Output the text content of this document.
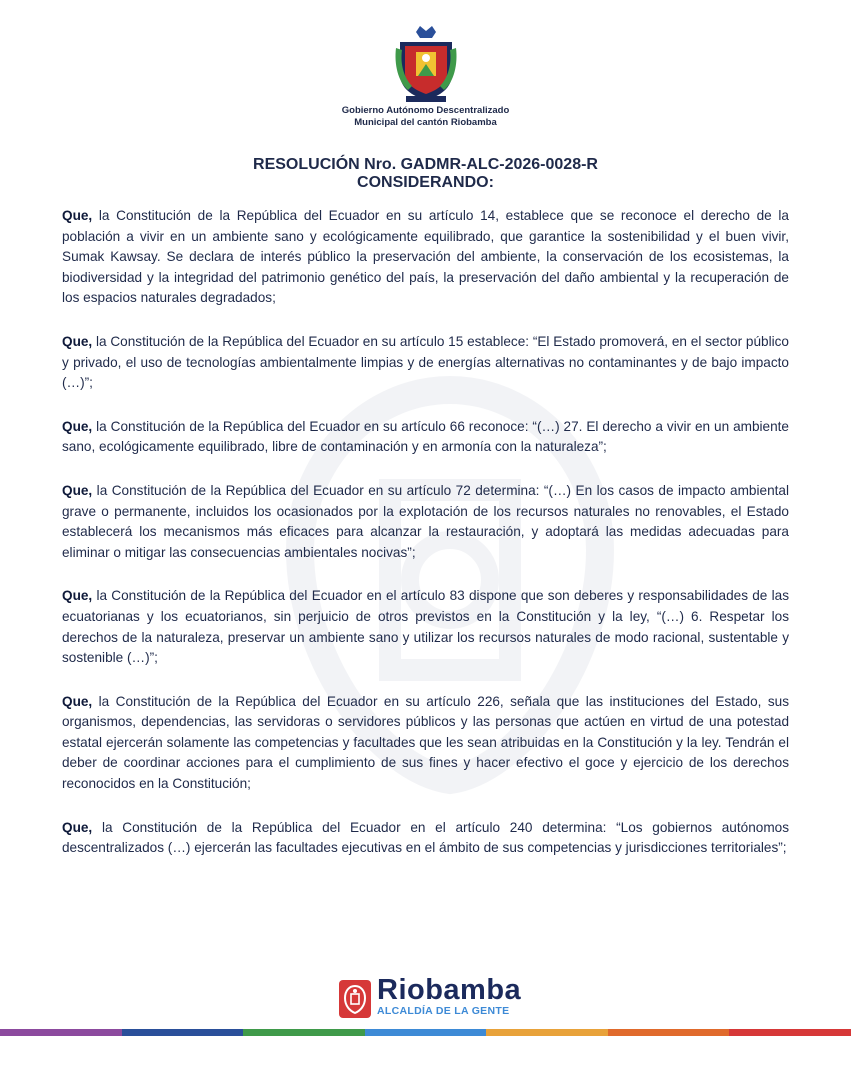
Gobierno Autónomo Descentralizado
Municipal del cantón Riobamba
RESOLUCIÓN Nro. GADMR-ALC-2026-0028-R
CONSIDERANDO:

Que, la Constitución de la República del Ecuador en su artículo 14, establece que se reconoce el derecho de la población a vivir en un ambiente sano y ecológicamente equilibrado, que garantice la sostenibilidad y el buen vivir, Sumak Kawsay. Se declara de interés público la preservación del ambiente, la conservación de los ecosistemas, la biodiversidad y la integridad del patrimonio genético del país, la preservación del daño ambiental y la recuperación de los espacios naturales degradados;

Que, la Constitución de la República del Ecuador en su artículo 15 establece: “El Estado promoverá, en el sector público y privado, el uso de tecnologías ambientalmente limpias y de energías alternativas no contaminantes y de bajo impacto (…)”;

Que, la Constitución de la República del Ecuador en su artículo 66 reconoce: “(…) 27. El derecho a vivir en un ambiente sano, ecológicamente equilibrado, libre de contaminación y en armonía con la naturaleza”;

Que, la Constitución de la República del Ecuador en su artículo 72 determina: “(…) En los casos de impacto ambiental grave o permanente, incluidos los ocasionados por la explotación de los recursos naturales no renovables, el Estado establecerá los mecanismos más eficaces para alcanzar la restauración, y adoptará las medidas adecuadas para eliminar o mitigar las consecuencias ambientales nocivas”;

Que, la Constitución de la República del Ecuador en el artículo 83 dispone que son deberes y responsabilidades de las ecuatorianas y los ecuatorianos, sin perjuicio de otros previstos en la Constitución y la ley, “(…) 6. Respetar los derechos de la naturaleza, preservar un ambiente sano y utilizar los recursos naturales de modo racional, sustentable y sostenible (…)”;

Que, la Constitución de la República del Ecuador en su artículo 226, señala que las instituciones del Estado, sus organismos, dependencias, las servidoras o servidores públicos y las personas que actúen en virtud de una potestad estatal ejercerán solamente las competencias y facultades que les sean atribuidas en la Constitución y la ley. Tendrán el deber de coordinar acciones para el cumplimiento de sus fines y hacer efectivo el goce y ejercicio de los derechos reconocidos en la Constitución;

Que, la Constitución de la República del Ecuador en el artículo 240 determina: “Los gobiernos autónomos descentralizados (…) ejercerán las facultades ejecutivas en el ámbito de sus competencias y jurisdicciones territoriales”;

Riobamba
ALCALDÍA DE LA GENTE
